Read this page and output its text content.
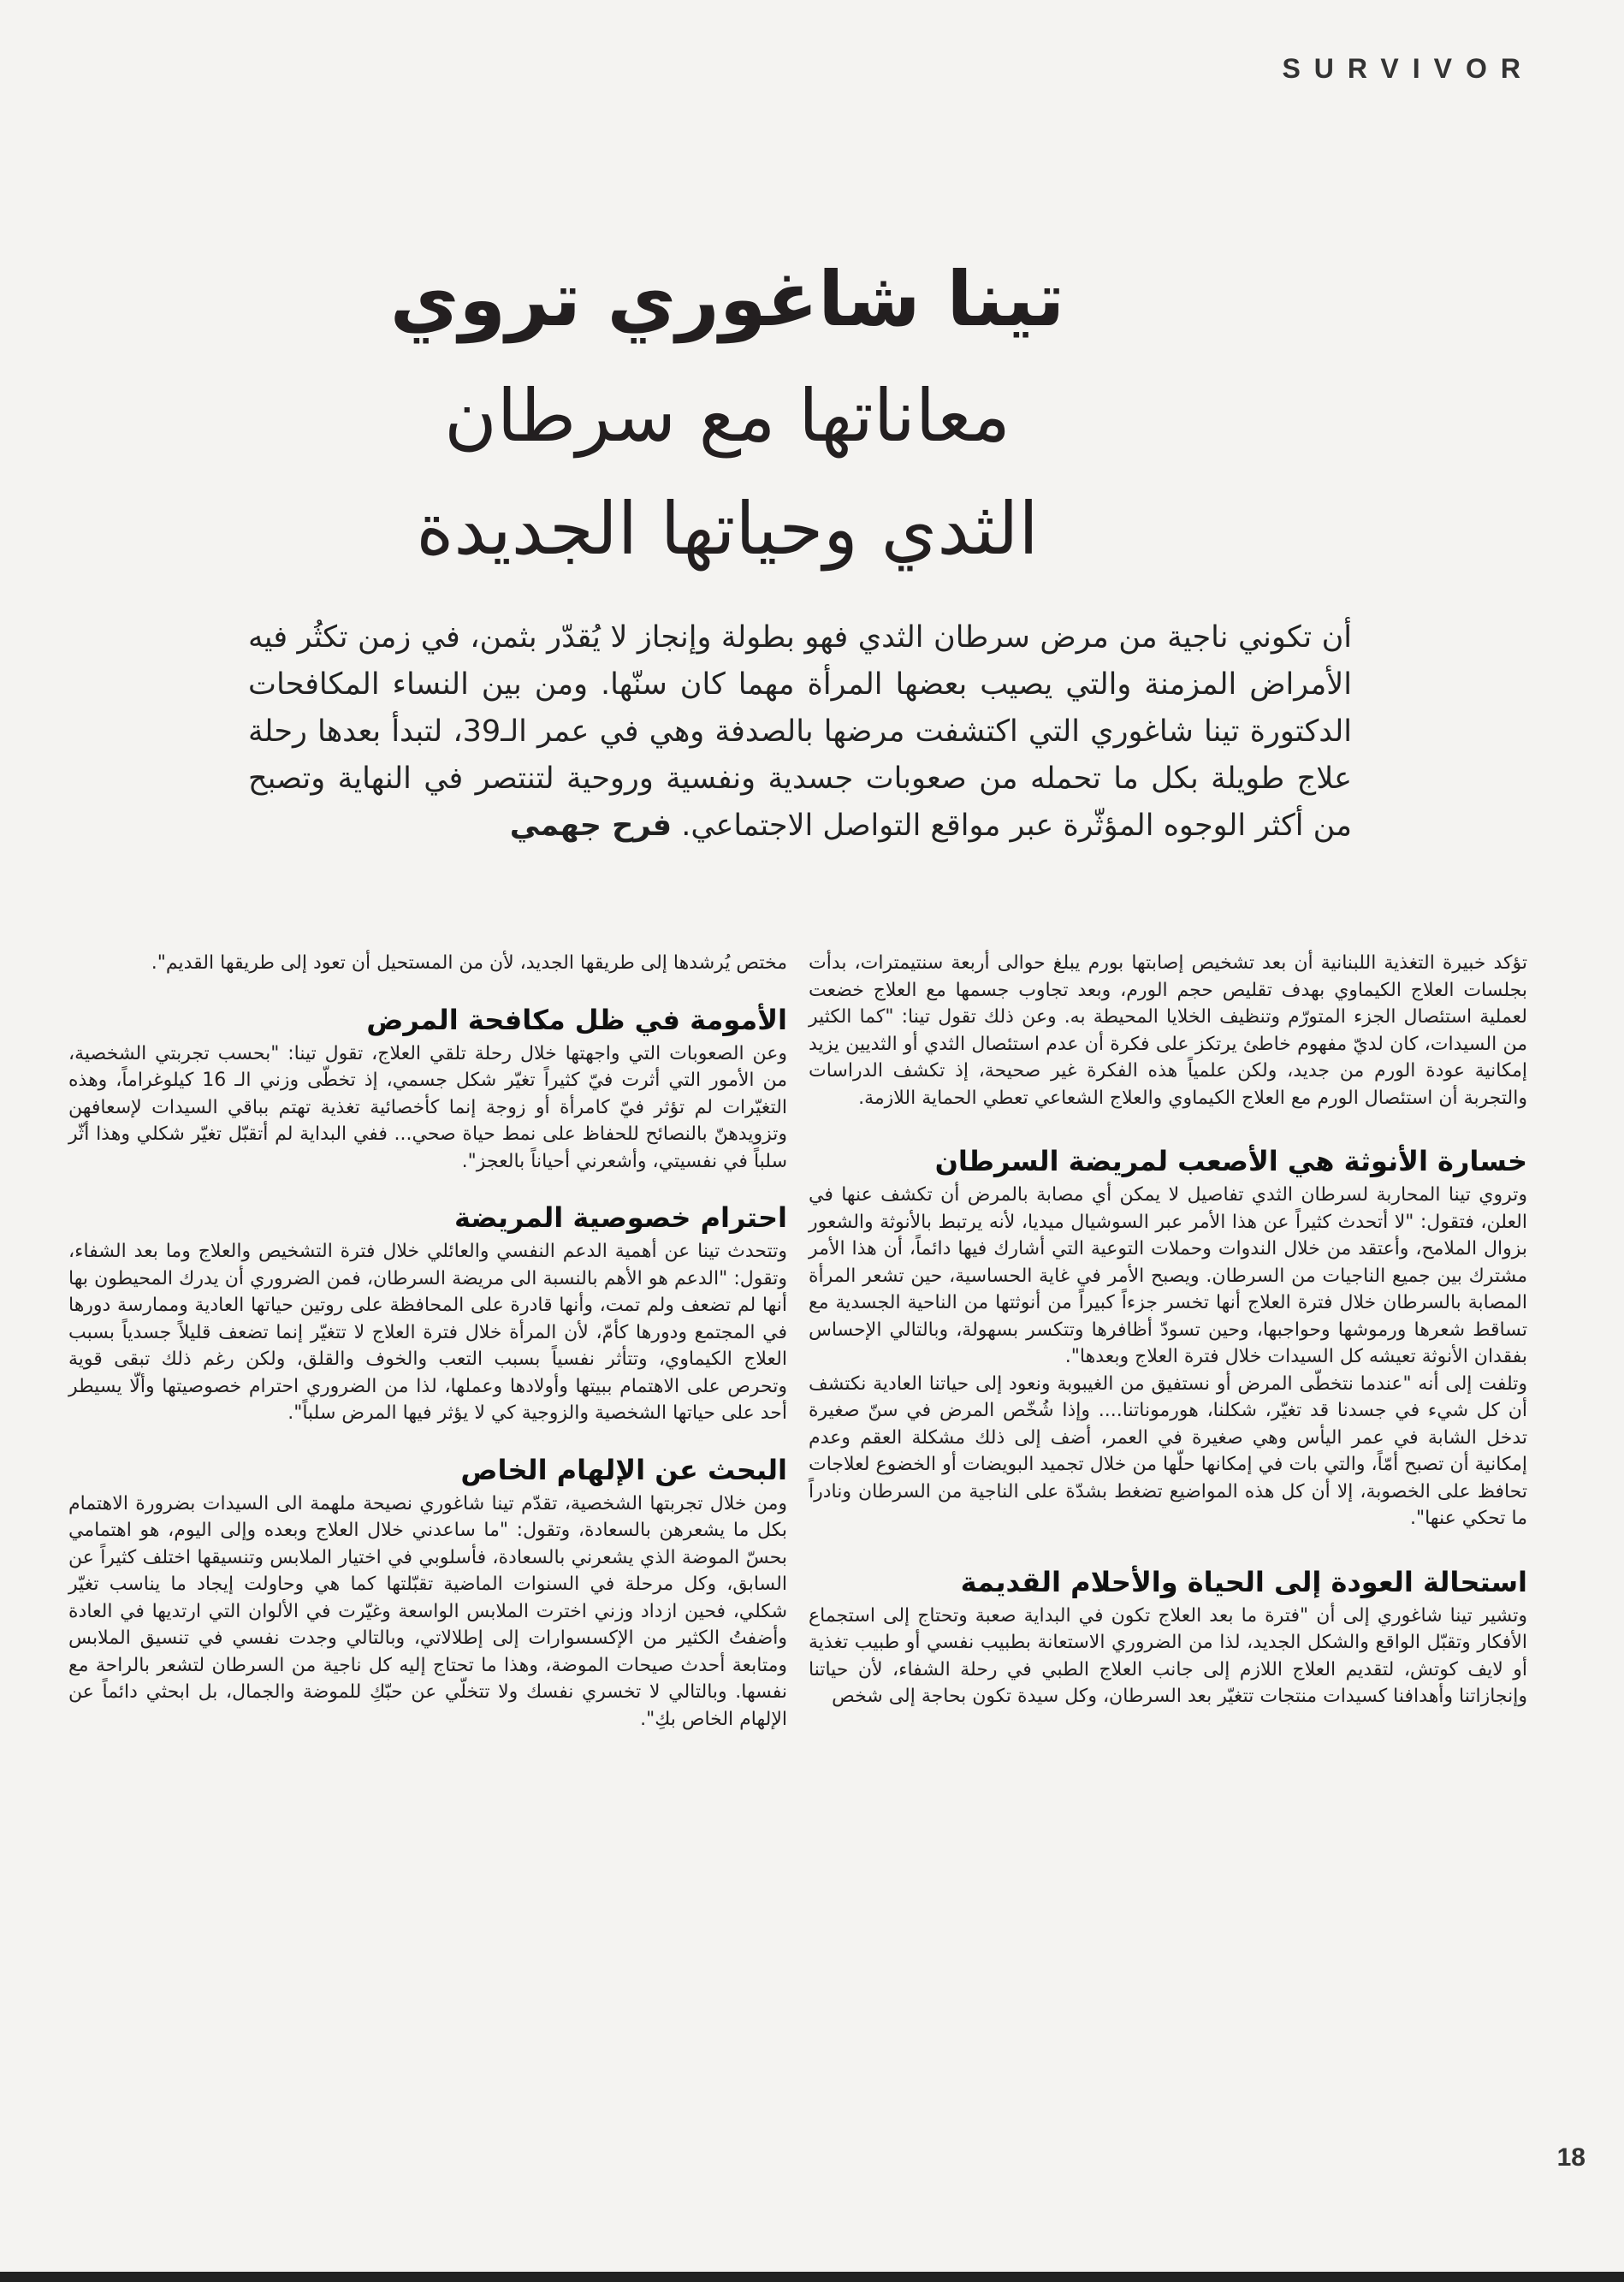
SURVIVOR
تينا شاغوري تروي
معاناتها مع سرطان
الثدي وحياتها الجديدة

أن تكوني ناجية من مرض سرطان الثدي فهو بطولة وإنجاز لا يُقدّر بثمن، في زمن تكثُر فيه الأمراض المزمنة والتي يصيب بعضها المرأة مهما كان سنّها. ومن بين النساء المكافحات الدكتورة تينا شاغوري التي اكتشفت مرضها بالصدفة وهي في عمر الـ39، لتبدأ بعدها رحلة علاج طويلة بكل ما تحمله من صعوبات جسدية ونفسية وروحية لتنتصر في النهاية وتصبح من أكثر الوجوه المؤثّرة عبر مواقع التواصل الاجتماعي. فرح جهمي

تؤكد خبيرة التغذية اللبنانية أن بعد تشخيص إصابتها بورم يبلغ حوالى أربعة سنتيمترات، بدأت بجلسات العلاج الكيماوي بهدف تقليص حجم الورم، وبعد تجاوب جسمها مع العلاج خضعت لعملية استئصال الجزء المتورّم وتنظيف الخلايا المحيطة به. وعن ذلك تقول تينا: "كما الكثير من السيدات، كان لديّ مفهوم خاطئ يرتكز على فكرة أن عدم استئصال الثدي أو الثديين يزيد إمكانية عودة الورم من جديد، ولكن علمياً هذه الفكرة غير صحيحة، إذ تكشف الدراسات والتجربة أن استئصال الورم مع العلاج الكيماوي والعلاج الشعاعي تعطي الحماية اللازمة.

خسارة الأنوثة هي الأصعب لمريضة السرطان

وتروي تينا المحاربة لسرطان الثدي تفاصيل لا يمكن أي مصابة بالمرض أن تكشف عنها في العلن، فتقول: "لا أتحدث كثيراً عن هذا الأمر عبر السوشيال ميديا، لأنه يرتبط بالأنوثة والشعور بزوال الملامح، وأعتقد من خلال الندوات وحملات التوعية التي أشارك فيها دائماً، أن هذا الأمر مشترك بين جميع الناجيات من السرطان. ويصبح الأمر في غاية الحساسية، حين تشعر المرأة المصابة بالسرطان خلال فترة العلاج أنها تخسر جزءاً كبيراً من أنوثتها من الناحية الجسدية مع تساقط شعرها ورموشها وحواجبها، وحين تسودّ أظافرها وتتكسر بسهولة، وبالتالي الإحساس بفقدان الأنوثة تعيشه كل السيدات خلال فترة العلاج وبعدها".

وتلفت إلى أنه "عندما نتخطّى المرض أو نستفيق من الغيبوبة ونعود إلى حياتنا العادية نكتشف أن كل شيء في جسدنا قد تغيّر، شكلنا، هورموناتنا.... وإذا شُخّص المرض في سنّ صغيرة تدخل الشابة في عمر اليأس وهي صغيرة في العمر، أضف إلى ذلك مشكلة العقم وعدم إمكانية أن تصبح أمّاً، والتي بات في إمكانها حلّها من خلال تجميد البويضات أو الخضوع لعلاجات تحافظ على الخصوبة، إلا أن كل هذه المواضيع تضغط بشدّة على الناجية من السرطان ونادراً ما تحكي عنها".

استحالة العودة إلى الحياة والأحلام القديمة

وتشير تينا شاغوري إلى أن "فترة ما بعد العلاج تكون في البداية صعبة وتحتاج إلى استجماع الأفكار وتقبّل الواقع والشكل الجديد، لذا من الضروري الاستعانة بطبيب نفسي أو طبيب تغذية أو لايف كوتش، لتقديم العلاج اللازم إلى جانب العلاج الطبي في رحلة الشفاء، لأن حياتنا وإنجازاتنا وأهدافنا كسيدات منتجات تتغيّر بعد السرطان، وكل سيدة تكون بحاجة إلى شخص

مختص يُرشدها إلى طريقها الجديد، لأن من المستحيل أن تعود إلى طريقها القديم".

الأمومة في ظل مكافحة المرض

وعن الصعوبات التي واجهتها خلال رحلة تلقي العلاج، تقول تينا: "بحسب تجربتي الشخصية، من الأمور التي أثرت فيّ كثيراً تغيّر شكل جسمي، إذ تخطّى وزني الـ 16 كيلوغراماً، وهذه التغيّرات لم تؤثر فيّ كامرأة أو زوجة إنما كأخصائية تغذية تهتم بباقي السيدات لإسعافهن وتزويدهنّ بالنصائح للحفاظ على نمط حياة صحي... ففي البداية لم أتقبّل تغيّر شكلي وهذا أثّر سلباً في نفسيتي، وأشعرني أحياناً بالعجز".

احترام خصوصية المريضة

وتتحدث تينا عن أهمية الدعم النفسي والعائلي خلال فترة التشخيص والعلاج وما بعد الشفاء، وتقول: "الدعم هو الأهم بالنسبة الى مريضة السرطان، فمن الضروري أن يدرك المحيطون بها أنها لم تضعف ولم تمت، وأنها قادرة على المحافظة على روتين حياتها العادية وممارسة دورها في المجتمع ودورها كأمّ، لأن المرأة خلال فترة العلاج لا تتغيّر إنما تضعف قليلاً جسدياً بسبب العلاج الكيماوي، وتتأثر نفسياً بسبب التعب والخوف والقلق، ولكن رغم ذلك تبقى قوية وتحرص على الاهتمام ببيتها وأولادها وعملها، لذا من الضروري احترام خصوصيتها وألّا يسيطر أحد على حياتها الشخصية والزوجية كي لا يؤثر فيها المرض سلباً".

البحث عن الإلهام الخاص

ومن خلال تجربتها الشخصية، تقدّم تينا شاغوري نصيحة ملهمة الى السيدات بضرورة الاهتمام بكل ما يشعرهن بالسعادة، وتقول: "ما ساعدني خلال العلاج وبعده وإلى اليوم، هو اهتمامي بحسّ الموضة الذي يشعرني بالسعادة، فأسلوبي في اختيار الملابس وتنسيقها اختلف كثيراً عن السابق، وكل مرحلة في السنوات الماضية تقبّلتها كما هي وحاولت إيجاد ما يناسب تغيّر شكلي، فحين ازداد وزني اخترت الملابس الواسعة وغيّرت في الألوان التي ارتديها في العادة وأضفتُ الكثير من الإكسسوارات إلى إطلالاتي، وبالتالي وجدت نفسي في تنسيق الملابس ومتابعة أحدث صيحات الموضة، وهذا ما تحتاج إليه كل ناجية من السرطان لتشعر بالراحة مع نفسها. وبالتالي لا تخسري نفسك ولا تتخلّي عن حبّكِ للموضة والجمال، بل ابحثي دائماً عن الإلهام الخاص بكِ".

18
